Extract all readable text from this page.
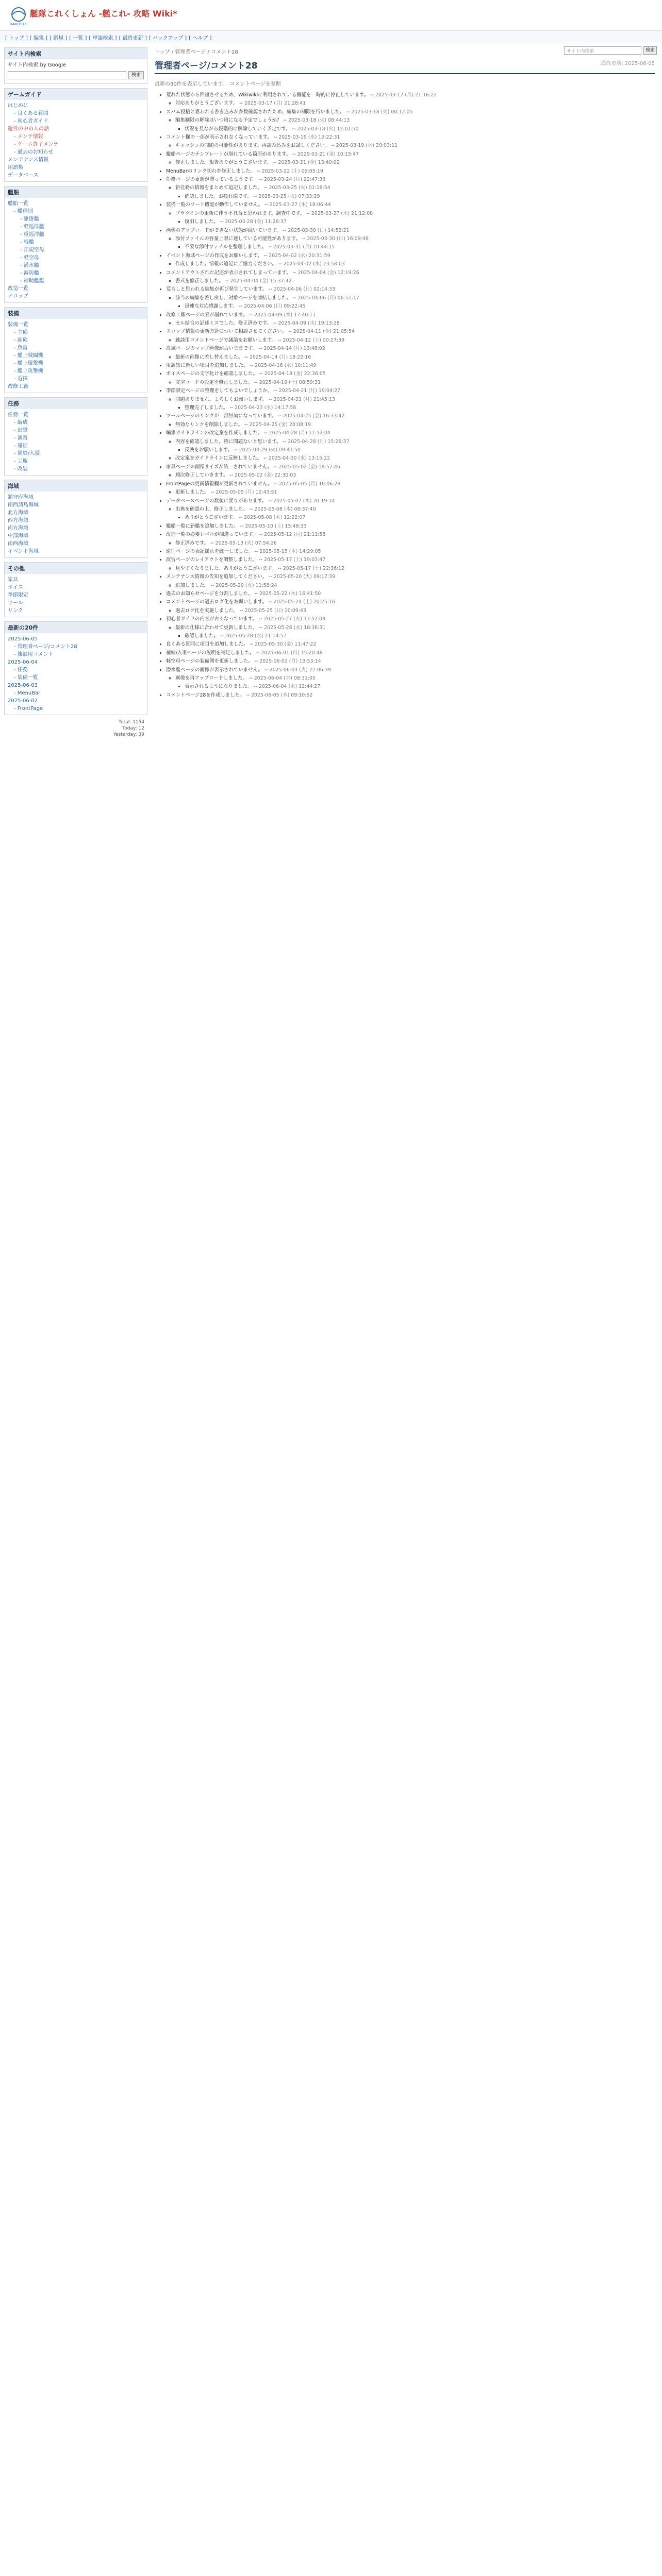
KANCOLLE
艦隊これくしょん -艦これ- 攻略 Wiki*
[ トップ ] [ 編集 ] [ 新規 ] [ 一覧 ] [ 単語検索 ] [ 最終更新 ] [ バックアップ ] [ ヘルプ ]
サイト内検索	検索
サイト内検索
サイト内検索 by Google
検索
ゲームガイド
はじめに
- 良くある質問
- 初心者ガイド
運営の中の人の話
- メンテ情報
- ゲーム終了メンテ
- 過去のお知らせ
メンテナンス情報
用語集
データベース
艦船
艦船一覧
- 艦種別
- 駆逐艦
- 軽巡洋艦
- 重巡洋艦
- 戦艦
- 正規空母
- 軽空母
- 潜水艦
- 海防艦
- 補助艦艇
改造一覧
ドロップ
装備
装備一覧
- 主砲
- 副砲
- 魚雷
- 艦上戦闘機
- 艦上爆撃機
- 艦上攻撃機
- 電探
改修工廠
任務
任務一覧
- 編成
- 出撃
- 演習
- 遠征
- 補給/入渠
- 工廠
- 改装
海域
鎮守府海域
南西諸島海域
北方海域
西方海域
南方海域
中部海域
南西海域
イベント海域
その他
家具
ボイス
季節限定
ツール
リンク
最新の20件
2025-06-05
- 管理者ページ/コメント28
- 雑談用コメント
2025-06-04
- 任務
- 装備一覧
2025-06-03
- MenuBar
2025-06-02
- FrontPage
Total: 1154
Today: 12
Yesterday: 39
トップ / 管理者ページ / コメント28
最終更新: 2025-06-05
管理者ページ/コメント28
最新の30件を表示しています。 コメントページを参照
• 荒れた状態から回復させるため、Wikiwikiに利用されている機能を一時的に停止しています。 -- 2025-03-17 (月) 21:16:22
◦ 対応ありがとうございます。 -- 2025-03-17 (月) 21:28:41
• スパム投稿と思われる書き込みが多数確認されたため、編集の制限を行いました。 -- 2025-03-18 (火) 00:12:05
◦ 編集制限の解除はいつ頃になる予定でしょうか？ -- 2025-03-18 (火) 08:44:13
▪ 状況を見ながら段階的に解除していく予定です。 -- 2025-03-18 (火) 12:01:50
• コメント欄の一部が表示されなくなっています。 -- 2025-03-19 (水) 19:22:31
◦ キャッシュの問題の可能性があります。再読み込みをお試しください。 -- 2025-03-19 (水) 20:03:11
• 艦船ページのテンプレートが崩れている箇所があります。 -- 2025-03-21 (金) 10:15:47
◦ 修正しました。報告ありがとうございます。 -- 2025-03-21 (金) 13:40:02
• MenuBarのリンク切れを修正しました。 -- 2025-03-22 (土) 09:05:19
• 任務ページの更新が滞っているようです。 -- 2025-03-24 (月) 22:47:36
◦ 新任務の情報をまとめて追記しました。 -- 2025-03-25 (火) 01:18:54
▪ 確認しました。お疲れ様です。 -- 2025-03-25 (火) 07:33:29
• 装備一覧のソート機能が動作していません。 -- 2025-03-27 (木) 18:06:44
◦ プラグインの更新に伴う不具合と思われます。調査中です。 -- 2025-03-27 (木) 21:12:08
▪ 復旧しました。 -- 2025-03-28 (金) 11:26:37
• 画像のアップロードができない状態が続いています。 -- 2025-03-30 (日) 14:52:21
◦ 添付ファイルの容量上限に達している可能性があります。 -- 2025-03-30 (日) 16:09:48
▪ 不要な添付ファイルを整理しました。 -- 2025-03-31 (月) 10:44:15
• イベント海域ページの作成をお願いします。 -- 2025-04-02 (水) 20:31:59
◦ 作成しました。情報の追記にご協力ください。 -- 2025-04-02 (水) 23:58:03
• コメントアウトされた記述が表示されてしまっています。 -- 2025-04-04 (金) 12:19:26
◦ 書式を修正しました。 -- 2025-04-04 (金) 15:37:42
• 荒らしと思われる編集が再び発生しています。 -- 2025-04-06 (日) 02:14:33
◦ 該当の編集を差し戻し、対象ページを凍結しました。 -- 2025-04-06 (日) 06:51:17
▪ 迅速な対応感謝します。 -- 2025-04-06 (日) 09:22:45
• 改修工廠ページの表が崩れています。 -- 2025-04-09 (水) 17:40:11
◦ セル結合の記述ミスでした。修正済みです。 -- 2025-04-09 (水) 19:13:28
• ドロップ情報の更新方針について相談させてください。 -- 2025-04-11 (金) 21:05:54
◦ 雑談用コメントページで議論をお願いします。 -- 2025-04-12 (土) 00:27:39
• 海域ページのマップ画像が古いままです。 -- 2025-04-14 (月) 13:48:02
◦ 最新の画像に差し替えました。 -- 2025-04-14 (月) 18:22:16
• 用語集に新しい項目を追加しました。 -- 2025-04-16 (水) 10:11:49
• ボイスページの文字化けを確認しました。 -- 2025-04-18 (金) 22:36:05
◦ 文字コードの設定を修正しました。 -- 2025-04-19 (土) 08:59:31
• 季節限定ページの整理をしてもよいでしょうか。 -- 2025-04-21 (月) 19:04:27
◦ 問題ありません。よろしくお願いします。 -- 2025-04-21 (月) 21:45:13
▪ 整理完了しました。 -- 2025-04-23 (水) 14:17:58
• ツールページのリンクが一部無効になっています。 -- 2025-04-25 (金) 16:33:42
◦ 無効なリンクを削除しました。 -- 2025-04-25 (金) 20:08:19
• 編集ガイドラインの改定案を作成しました。 -- 2025-04-28 (月) 11:52:04
◦ 内容を確認しました。特に問題ないと思います。 -- 2025-04-28 (月) 15:26:37
▪ 反映をお願いします。 -- 2025-04-29 (火) 09:41:50
◦ 改定案をガイドラインに反映しました。 -- 2025-04-30 (水) 13:15:22
• 家具ページの画像サイズが統一されていません。 -- 2025-05-02 (金) 18:57:46
◦ 順次修正していきます。 -- 2025-05-02 (金) 22:30:03
• FrontPageの更新情報欄が更新されていません。 -- 2025-05-05 (月) 10:06:28
◦ 更新しました。 -- 2025-05-05 (月) 12:43:51
• データベースページの数値に誤りがあります。 -- 2025-05-07 (水) 20:19:14
◦ 出典を確認の上、修正しました。 -- 2025-05-08 (木) 08:37:40
▪ ありがとうございます。 -- 2025-05-08 (木) 12:22:07
• 艦船一覧に新艦を追加しました。 -- 2025-05-10 (土) 15:48:33
• 改造一覧の必要レベルが間違っています。 -- 2025-05-12 (月) 21:11:58
◦ 修正済みです。 -- 2025-05-13 (火) 07:54:26
• 遠征ページの表記揺れを統一しました。 -- 2025-05-15 (木) 14:29:05
• 演習ページのレイアウトを調整しました。 -- 2025-05-17 (土) 19:03:47
◦ 見やすくなりました。ありがとうございます。 -- 2025-05-17 (土) 22:36:12
• メンテナンス情報の告知を追加してください。 -- 2025-05-20 (火) 09:17:39
◦ 追加しました。 -- 2025-05-20 (火) 11:58:24
• 過去のお知らせページを分割しました。 -- 2025-05-22 (木) 16:41:50
• コメントページの過去ログ化をお願いします。 -- 2025-05-24 (土) 20:25:16
◦ 過去ログ化を実施しました。 -- 2025-05-25 (日) 10:09:43
• 初心者ガイドの内容が古くなっています。 -- 2025-05-27 (火) 13:52:08
◦ 最新の仕様に合わせて更新しました。 -- 2025-05-28 (水) 18:36:31
▪ 確認しました。 -- 2025-05-28 (水) 21:14:57
• 良くある質問に項目を追加しました。 -- 2025-05-30 (金) 11:47:22
• 補給/入渠ページの説明を補足しました。 -- 2025-06-01 (日) 15:20:48
• 軽空母ページの装備例を更新しました。 -- 2025-06-02 (月) 19:53:14
• 潜水艦ページの画像が表示されていません。 -- 2025-06-03 (火) 22:06:39
◦ 画像を再アップロードしました。 -- 2025-06-04 (水) 08:31:05
▪ 表示されるようになりました。 -- 2025-06-04 (水) 12:44:27
• コメントページ28を作成しました。 -- 2025-06-05 (木) 09:10:52
